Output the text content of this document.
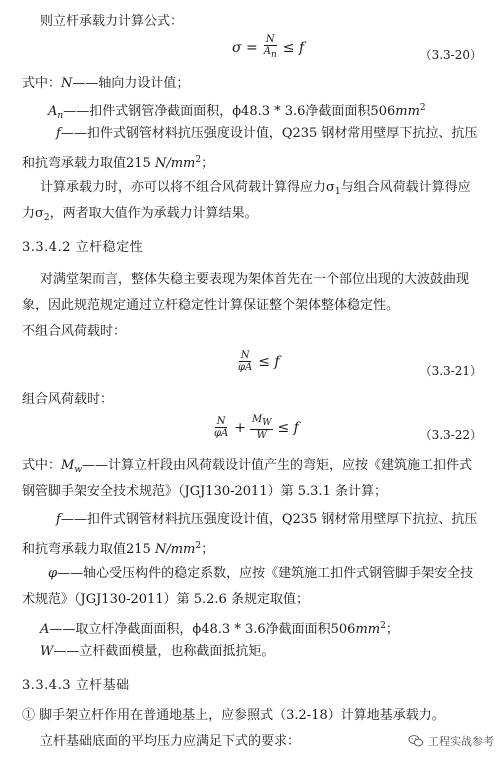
则立杆承载力计算公式：
$\sigma = \frac{N}{An} \le f$	（3.3-20）
式中：N——轴向力设计值；
$A_n——$扣件式钢管净截面面积，ϕ48.3 * 3.6净截面面积$506mm^2$
f——扣件式钢管材料抗压强度设计值，Q235 钢材常用壁厚下抗拉、抗压
和抗弯承载力取值215 $N/mm^2$；
计算承载力时，亦可以将不组合风荷载计算得应力$\sigma_1$与组合风荷载计算得应
力$\sigma_2$，两者取大值作为承载力计算结果。
3.3.4.2 立杆稳定性
对满堂架而言，整体失稳主要表现为架体首先在一个部位出现的大波鼓曲现
象，因此规范规定通过立杆稳定性计算保证整个架体整体稳定性。
不组合风荷载时：
$\frac{N}{\varphi A} \le f$
（3.3-21）
组合风荷载时：
$\frac{N}{\varphi A} + \frac{MW}{W} \le f$	（3.3-22）
式中：$M_w——$计算立杆段由风荷载设计值产生的弯矩，应按《建筑施工扣件式
钢管脚手架安全技术规范》（JGJ130-2011）第 5.3.1 条计算；
f——扣件式钢管材料抗压强度设计值，Q235 钢材常用壁厚下抗拉、抗压
和抗弯承载力取值215 $N/mm^2$；
φ——轴心受压构件的稳定系数，应按《建筑施工扣件式钢管脚手架安全技
术规范》（JGJ130-2011）第 5.2.6 条规定取值；
A——取立杆净截面面积，ϕ48.3 * 3.6净截面面积$506mm^2$；
W——立杆截面模量，也称截面抵抗矩。
3.3.4.3 立杆基础
① 脚手架立杆作用在普通地基上，应参照式（3.2-18）计算地基承载力。
立杆基础底面的平均压力应满足下式的要求：	工程实战参考
